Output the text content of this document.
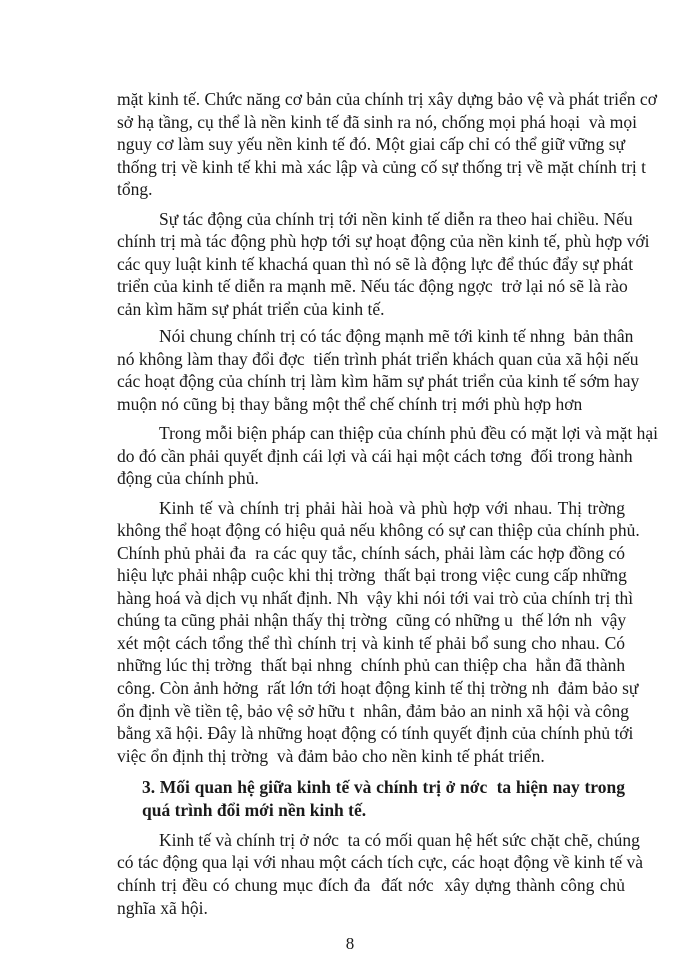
mặt kinh tế. Chức năng cơ bản của chính trị xây dựng bảo vệ và phát triển cơ
sở hạ tầng, cụ thể là nền kinh tế đã sinh ra nó, chống mọi phá hoại  và mọi
nguy cơ làm suy yếu nền kinh tế đó. Một giai cấp chỉ có thể giữ vững sự
thống trị về kinh tế khi mà xác lập và củng cố sự thống trị về mặt chính trị t
tổng.
Sự tác động của chính trị tới nền kinh tế diễn ra theo hai chiều. Nếu
chính trị mà tác động phù hợp tới sự hoạt động của nền kinh tế, phù hợp với
các quy luật kinh tế khachá quan thì nó sẽ là động lực để thúc đẩy sự phát
triển của kinh tế diễn ra mạnh mẽ. Nếu tác động ngợc  trở lại nó sẽ là rào
cản kìm hãm sự phát triển của kinh tế.
Nói chung chính trị có tác động mạnh mẽ tới kinh tế nhng  bản thân
nó không làm thay đổi đợc  tiến trình phát triển khách quan của xã hội nếu
các hoạt động của chính trị làm kìm hãm sự phát triển của kinh tế sớm hay
muộn nó cũng bị thay bằng một thể chế chính trị mới phù hợp hơn
Trong mỗi biện pháp can thiệp của chính phủ đều có mặt lợi và mặt hại
do đó cần phải quyết định cái lợi và cái hại một cách tơng  đối trong hành
động của chính phủ.
Kinh tế và chính trị phải hài hoà và phù hợp với nhau. Thị trờng
không thể hoạt động có hiệu quả nếu không có sự can thiệp của chính phủ.
Chính phủ phải đa  ra các quy tắc, chính sách, phải làm các hợp đồng có
hiệu lực phải nhập cuộc khi thị trờng  thất bại trong việc cung cấp những
hàng hoá và dịch vụ nhất định. Nh  vậy khi nói tới vai trò của chính trị thì
chúng ta cũng phải nhận thấy thị trờng  cũng có những u  thế lớn nh  vậy
xét một cách tổng thể thì chính trị và kinh tế phải bổ sung cho nhau. Có
những lúc thị trờng  thất bại nhng  chính phủ can thiệp cha  hẳn đã thành
công. Còn ảnh hởng  rất lớn tới hoạt động kinh tế thị trờng nh  đảm bảo sự
ổn định về tiền tệ, bảo vệ sở hữu t  nhân, đảm bảo an ninh xã hội và công
bằng xã hội. Đây là những hoạt động có tính quyết định của chính phủ tới
việc ổn định thị trờng  và đảm bảo cho nền kinh tế phát triển.
3. Mối quan hệ giữa kinh tế và chính trị ở nớc  ta hiện nay trong
quá trình đổi mới nền kinh tế.
Kinh tế và chính trị ở nớc  ta có mối quan hệ hết sức chặt chẽ, chúng
có tác động qua lại với nhau một cách tích cực, các hoạt động về kinh tế và
chính trị đều có chung mục đích đa  đất nớc  xây dựng thành công chủ
nghĩa xã hội.
8
